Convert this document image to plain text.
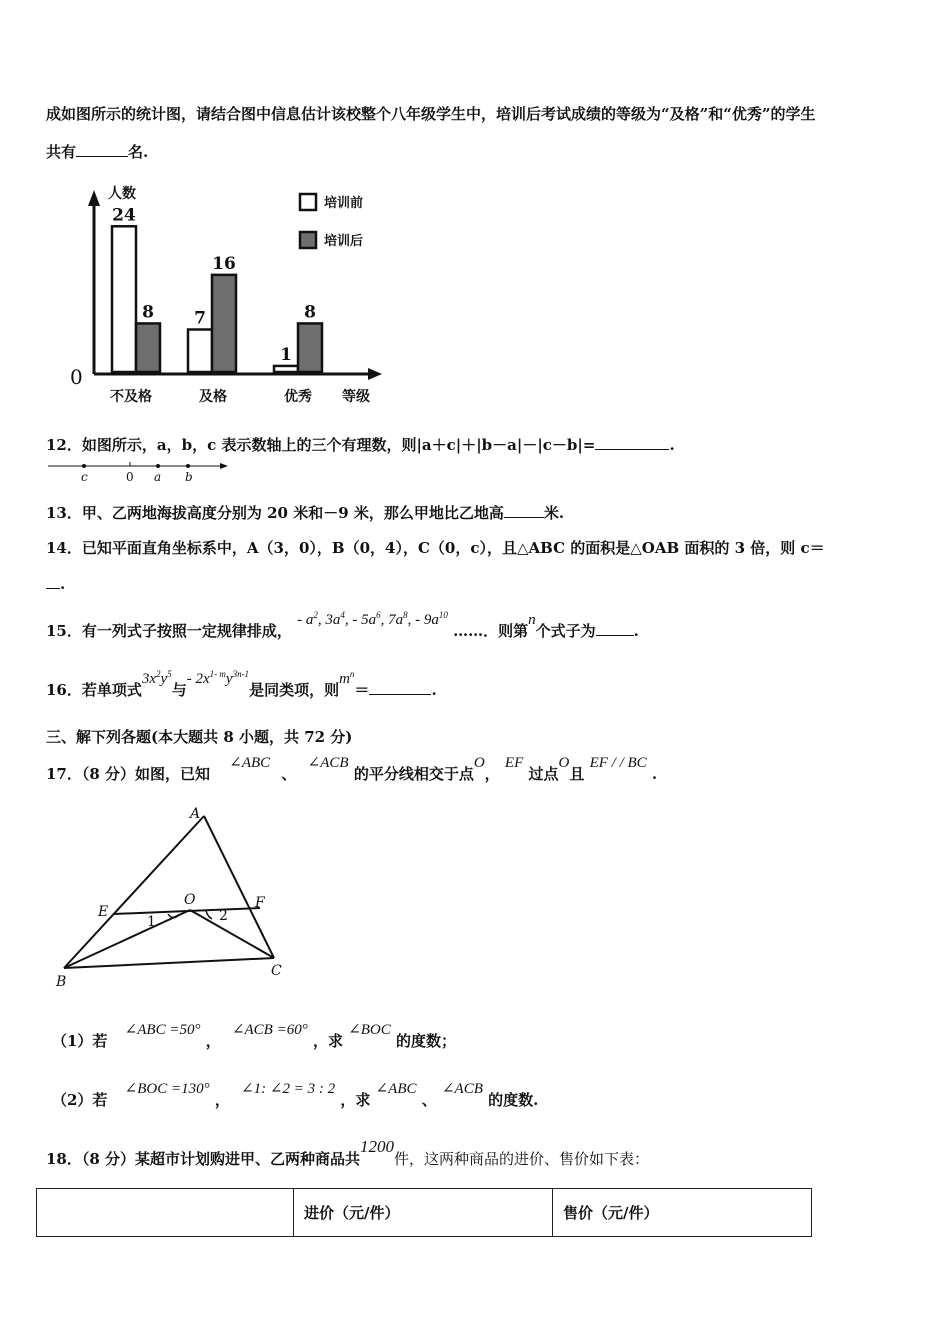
成如图所示的统计图，请结合图中信息估计该校整个八年级学生中，培训后考试成绩的等级为“及格”和“优秀”的学生
共有	名.
人数
0
等级
培训前
培训后
不及格	及格	优秀
24
8 7
16
1
8
12．如图所示，a，b，c 表示数轴上的三个有理数，则|a＋c|＋|b－a|－|c－b|=	.
c	0 a b
13．甲、乙两地海拔高度分别为 20 米和－9 米，那么甲地比乙地高	米.
14．已知平面直角坐标系中，A（3，0），B（0，4），C（0，c），且△ABC 的面积是△OAB 面积的 3 倍，则 c＝
.
15．有一列式子按照一定规律排成， - $a^2$, $3a^4$, - $5a^6$, $7a^8$, - $9a^{10}$ ……．则第n个式子为	.
16．若单项式$3x^2y^5$与- $2x^{1- m}y^{3n-1}$是同类项，则$m^n=$	.
三、解下列各题(本大题共 8 小题，共 72 分)
17．（8 分）如图，已知 ∠ABC 、 ∠ACB 的平分线相交于点O， EF 过点O且 EF / / BC .
A
B
C
E
F
O
1	2
（1）若 ∠ABC =50° ， ∠ACB =60° ，求 ∠BOC 的度数；
（2）若 ∠BOC =130° ， ∠1: ∠2 = 3 : 2 ，求 ∠ABC 、 ∠ACB 的度数.
18．（8 分）某超市计划购进甲、乙两种商品共1200件，这两种商品的进价、售价如下表：
	进价（元/件）	售价（元/件）
